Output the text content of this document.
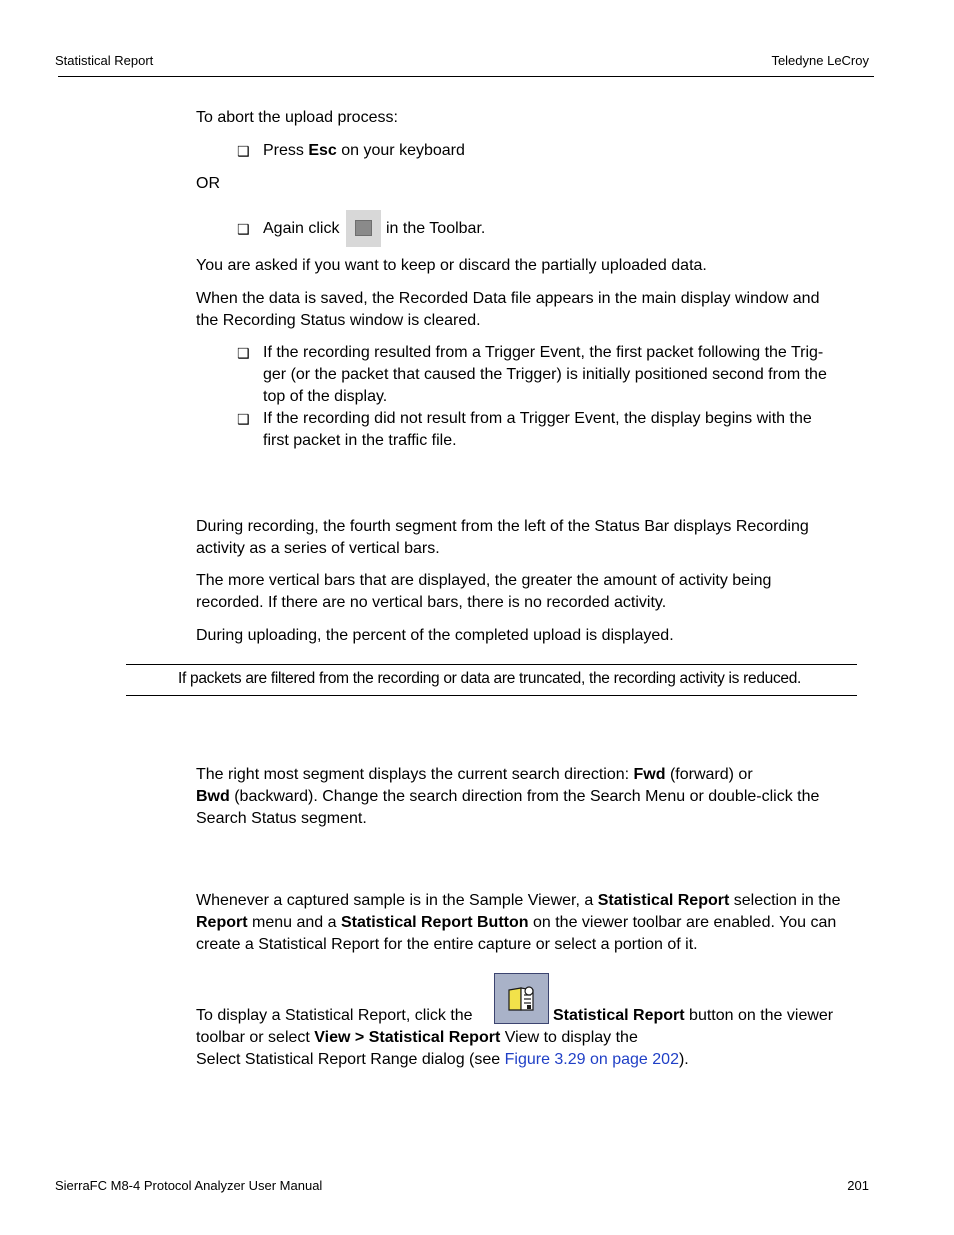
Statistical Report	Teledyne LeCroy
To abort the upload process:
❑ Press Esc on your keyboard
OR
❑ Again click	in the Toolbar.
You are asked if you want to keep or discard the partially uploaded data.
When the data is saved, the Recorded Data file appears in the main display window and
the Recording Status window is cleared.
❑ If the recording resulted from a Trigger Event, the first packet following the Trig-
ger (or the packet that caused the Trigger) is initially positioned second from the
top of the display.
❑ If the recording did not result from a Trigger Event, the display begins with the
first packet in the traffic file.
During recording, the fourth segment from the left of the Status Bar displays Recording
activity as a series of vertical bars.
The more vertical bars that are displayed, the greater the amount of activity being
recorded. If there are no vertical bars, there is no recorded activity.
During uploading, the percent of the completed upload is displayed.
If packets are filtered from the recording or data are truncated, the recording activity is reduced.
The right most segment displays the current search direction: Fwd (forward) or
Bwd (backward). Change the search direction from the Search Menu or double-click the
Search Status segment.
Whenever a captured sample is in the Sample Viewer, a Statistical Report selection in the
Report menu and a Statistical Report Button on the viewer toolbar are enabled. You can
create a Statistical Report for the entire capture or select a portion of it.
To display a Statistical Report, click the	Statistical Report button on the viewer
toolbar or select View > Statistical Report View to display the
Select Statistical Report Range dialog (see Figure 3.29 on page 202).
SierraFC M8-4 Protocol Analyzer User Manual	201
